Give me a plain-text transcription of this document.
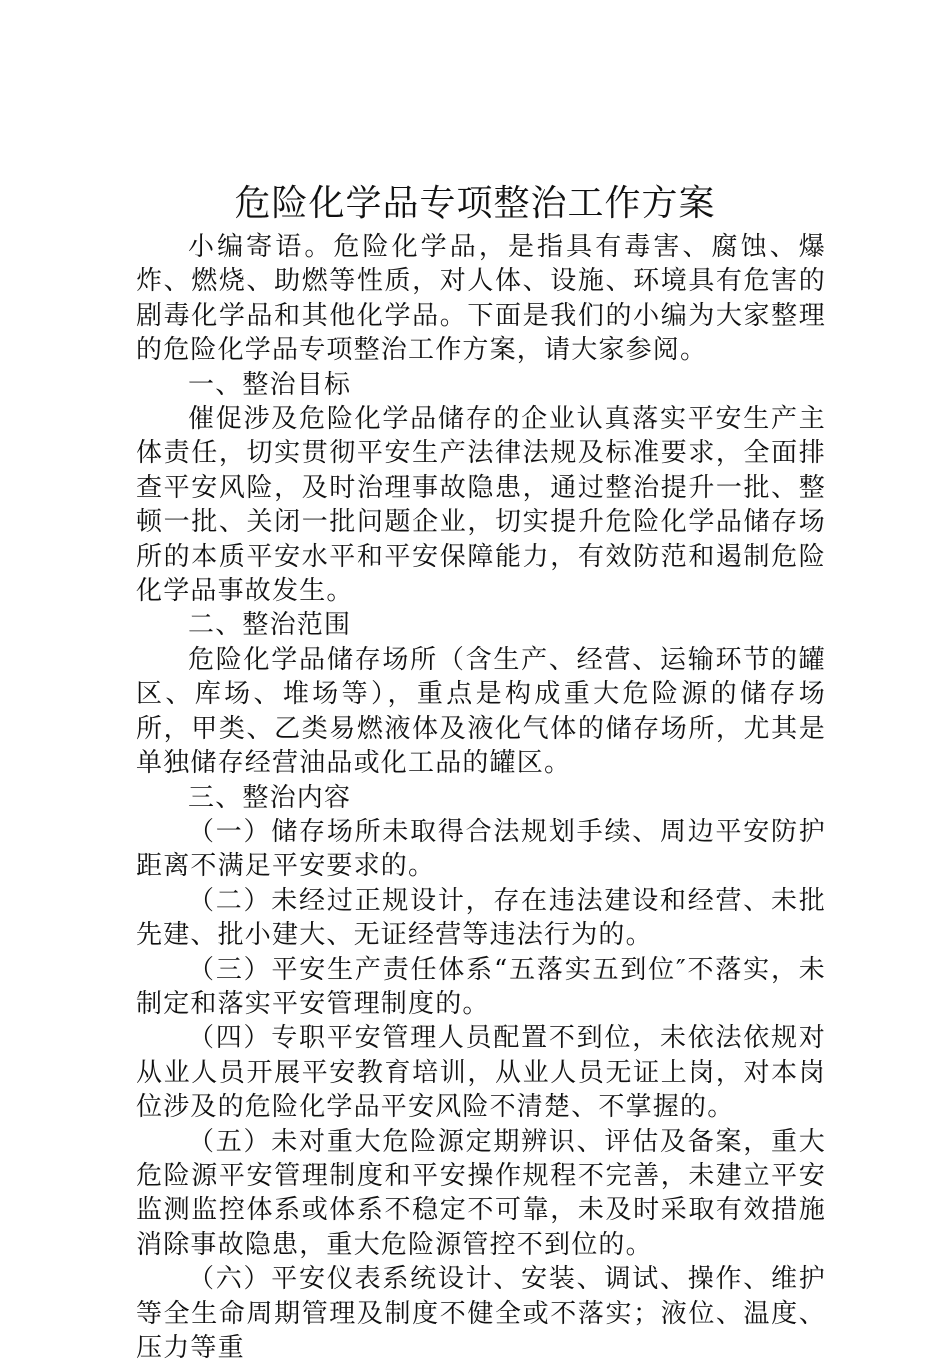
危险化学品专项整治工作方案

小编寄语。危险化学品，是指具有毒害、腐蚀、爆炸、燃烧、助燃等性质，对人体、设施、环境具有危害的剧毒化学品和其他化学品。下面是我们的小编为大家整理的危险化学品专项整治工作方案，请大家参阅。

一、整治目标

催促涉及危险化学品储存的企业认真落实平安生产主体责任，切实贯彻平安生产法律法规及标准要求，全面排查平安风险，及时治理事故隐患，通过整治提升一批、整顿一批、关闭一批问题企业，切实提升危险化学品储存场所的本质平安水平和平安保障能力，有效防范和遏制危险化学品事故发生。

二、整治范围

危险化学品储存场所（含生产、经营、运输环节的罐区、库场、堆场等），重点是构成重大危险源的储存场所，甲类、乙类易燃液体及液化气体的储存场所，尤其是单独储存经营油品或化工品的罐区。

三、整治内容

（一）储存场所未取得合法规划手续、周边平安防护距离不满足平安要求的。

（二）未经过正规设计，存在违法建设和经营、未批先建、批小建大、无证经营等违法行为的。

（三）平安生产责任体系“五落实五到位″不落实，未制定和落实平安管理制度的。

（四）专职平安管理人员配置不到位，未依法依规对从业人员开展平安教育培训，从业人员无证上岗，对本岗位涉及的危险化学品平安风险不清楚、不掌握的。

（五）未对重大危险源定期辨识、评估及备案，重大危险源平安管理制度和平安操作规程不完善，未建立平安监测监控体系或体系不稳定不可靠，未及时采取有效措施消除事故隐患，重大危险源管控不到位的。

（六）平安仪表系统设计、安装、调试、操作、维护等全生命周期管理及制度不健全或不落实；液位、温度、压力等重
